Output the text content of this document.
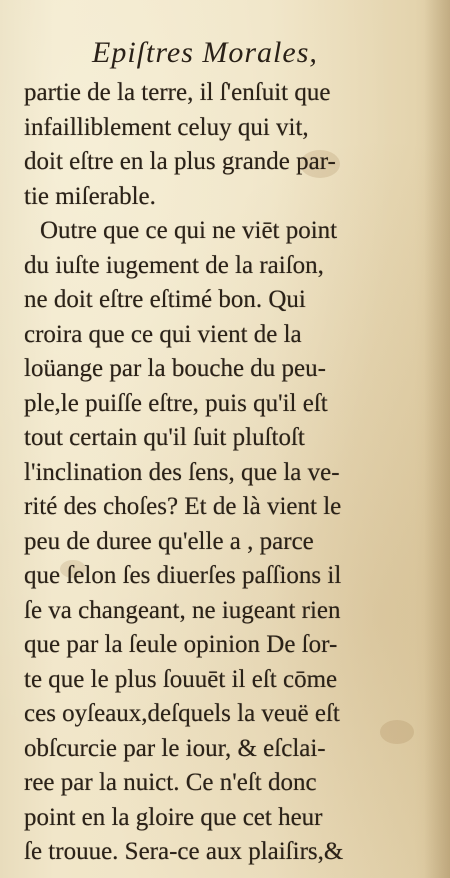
Epiſtres Morales,
partie de la terre, il ſ'enſuit que
infailliblement celuy qui vit,
doit eſtre en la plus grande par-
tie miſerable.
Outre que ce qui ne viēt point
du iuſte iugement de la raiſon,
ne doit eſtre eſtimé bon. Qui
croira que ce qui vient de la
loüange par la bouche du peu-
ple,le puiſſe eſtre, puis qu'il eſt
tout certain qu'il ſuit pluſtoſt
l'inclination des ſens, que la ve-
rité des choſes? Et de là vient le
peu de duree qu'elle a , parce
que ſelon ſes diuerſes paſſions il
ſe va changeant, ne iugeant rien
que par la ſeule opinion De ſor-
te que le plus ſouuēt il eſt cōme
ces oyſeaux,deſquels la veuë eſt
obſcurcie par le iour, & eſclai-
ree par la nuict. Ce n'eſt donc
point en la gloire que cet heur
ſe trouue. Sera-ce aux plaiſirs,&
